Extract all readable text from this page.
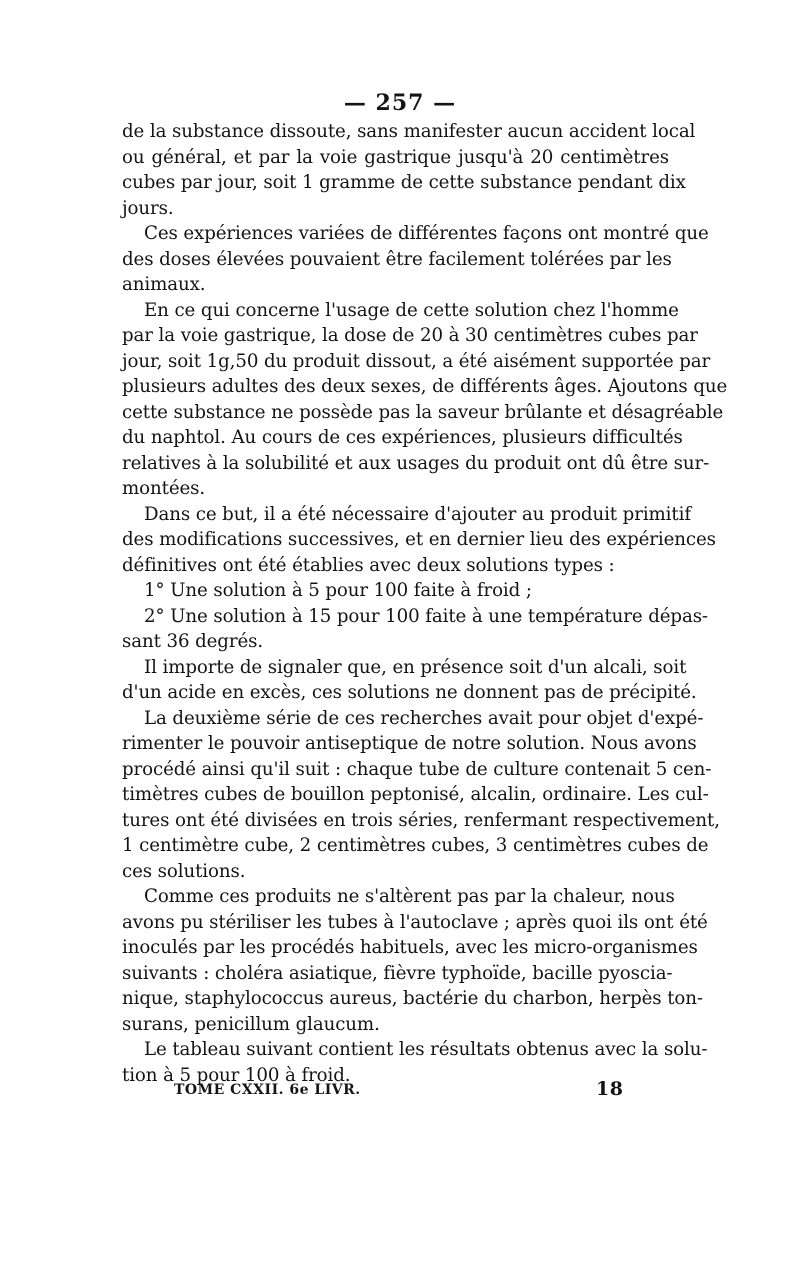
— 257 —
de la substance dissoute, sans manifester aucun accident local
ou général, et par la voie gastrique jusqu'à 20 centimètres
cubes par jour, soit 1 gramme de cette substance pendant dix
jours.
Ces expériences variées de différentes façons ont montré que
des doses élevées pouvaient être facilement tolérées par les
animaux.
En ce qui concerne l'usage de cette solution chez l'homme
par la voie gastrique, la dose de 20 à 30 centimètres cubes par
jour, soit 1g,50 du produit dissout, a été aisément supportée par
plusieurs adultes des deux sexes, de différents âges. Ajoutons que
cette substance ne possède pas la saveur brûlante et désagréable
du naphtol. Au cours de ces expériences, plusieurs difficultés
relatives à la solubilité et aux usages du produit ont dû être sur-
montées.
Dans ce but, il a été nécessaire d'ajouter au produit primitif
des modifications successives, et en dernier lieu des expériences
définitives ont été établies avec deux solutions types :
1° Une solution à 5 pour 100 faite à froid ;
2° Une solution à 15 pour 100 faite à une température dépas-
sant 36 degrés.
Il importe de signaler que, en présence soit d'un alcali, soit
d'un acide en excès, ces solutions ne donnent pas de précipité.
La deuxième série de ces recherches avait pour objet d'expé-
rimenter le pouvoir antiseptique de notre solution. Nous avons
procédé ainsi qu'il suit : chaque tube de culture contenait 5 cen-
timètres cubes de bouillon peptonisé, alcalin, ordinaire. Les cul-
tures ont été divisées en trois séries, renfermant respectivement,
1 centimètre cube, 2 centimètres cubes, 3 centimètres cubes de
ces solutions.
Comme ces produits ne s'altèrent pas par la chaleur, nous
avons pu stériliser les tubes à l'autoclave ; après quoi ils ont été
inoculés par les procédés habituels, avec les micro-organismes
suivants : choléra asiatique, fièvre typhoïde, bacille pyoscia-
nique, staphylococcus aureus, bactérie du charbon, herpès ton-
surans, penicillum glaucum.
Le tableau suivant contient les résultats obtenus avec la solu-
tion à 5 pour 100 à froid.
TOME CXXII. 6e LIVR.	18
